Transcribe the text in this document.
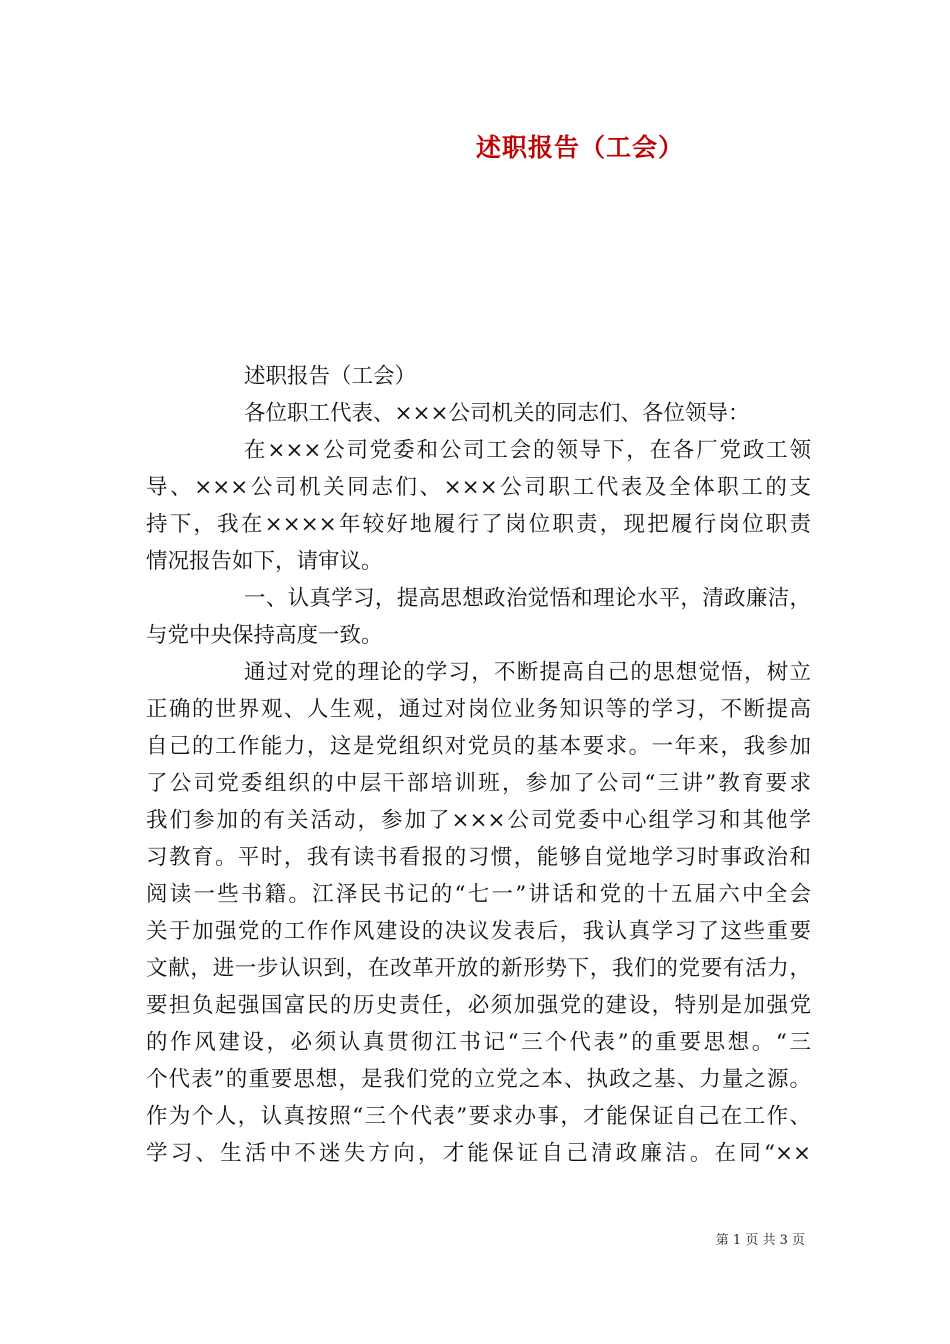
述职报告（工会）
述职报告（工会）
各位职工代表、×××公司机关的同志们、各位领导：
在×××公司党委和公司工会的领导下，在各厂党政工领
导、×××公司机关同志们、×××公司职工代表及全体职工的支
持下，我在××××年较好地履行了岗位职责，现把履行岗位职责
情况报告如下，请审议。
一、认真学习，提高思想政治觉悟和理论水平，清政廉洁，
与党中央保持高度一致。
通过对党的理论的学习，不断提高自己的思想觉悟，树立
正确的世界观、人生观，通过对岗位业务知识等的学习，不断提高
自己的工作能力，这是党组织对党员的基本要求。一年来，我参加
了公司党委组织的中层干部培训班，参加了公司“三讲”教育要求
我们参加的有关活动，参加了×××公司党委中心组学习和其他学
习教育。平时，我有读书看报的习惯，能够自觉地学习时事政治和
阅读一些书籍。江泽民书记的“七一”讲话和党的十五届六中全会
关于加强党的工作作风建设的决议发表后，我认真学习了这些重要
文献，进一步认识到，在改革开放的新形势下，我们的党要有活力，
要担负起强国富民的历史责任，必须加强党的建设，特别是加强党
的作风建设，必须认真贯彻江书记“三个代表”的重要思想。“三
个代表”的重要思想，是我们党的立党之本、执政之基、力量之源。
作为个人，认真按照“三个代表”要求办事，才能保证自己在工作、
学习、生活中不迷失方向，才能保证自己清政廉洁。在同“××
第 1 页 共 3 页
